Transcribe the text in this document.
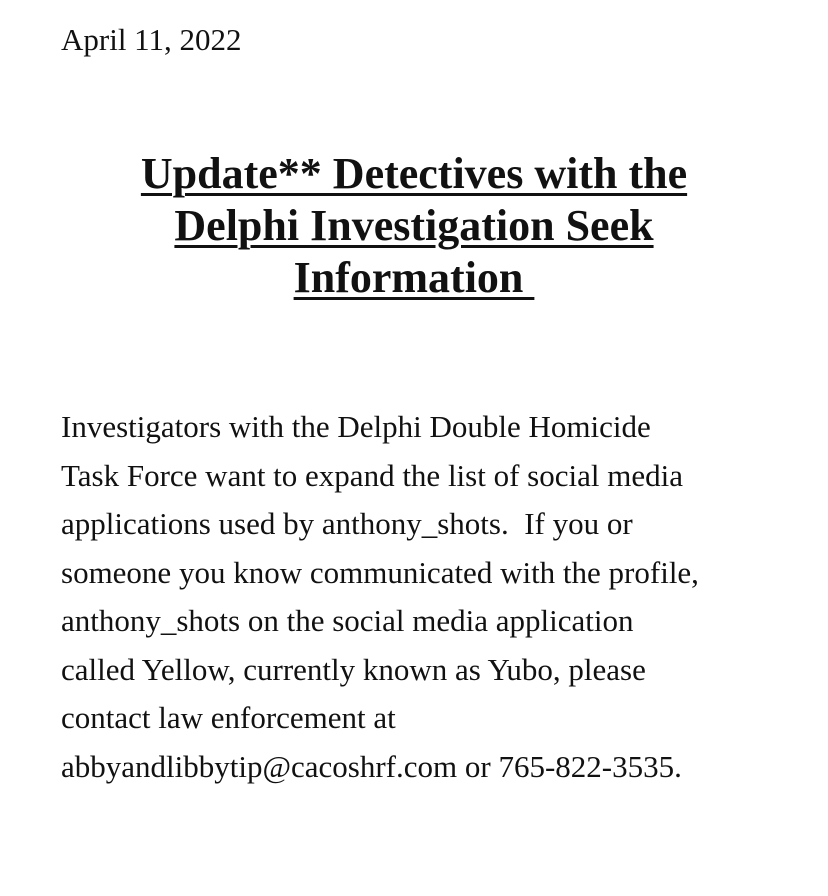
April 11, 2022
Update** Detectives with the
Delphi Investigation Seek
Information
Investigators with the Delphi Double Homicide
Task Force want to expand the list of social media
applications used by anthony_shots.  If you or
someone you know communicated with the profile,
anthony_shots on the social media application
called Yellow, currently known as Yubo, please
contact law enforcement at
abbyandlibbytip@cacoshrf.com or 765-822-3535.
